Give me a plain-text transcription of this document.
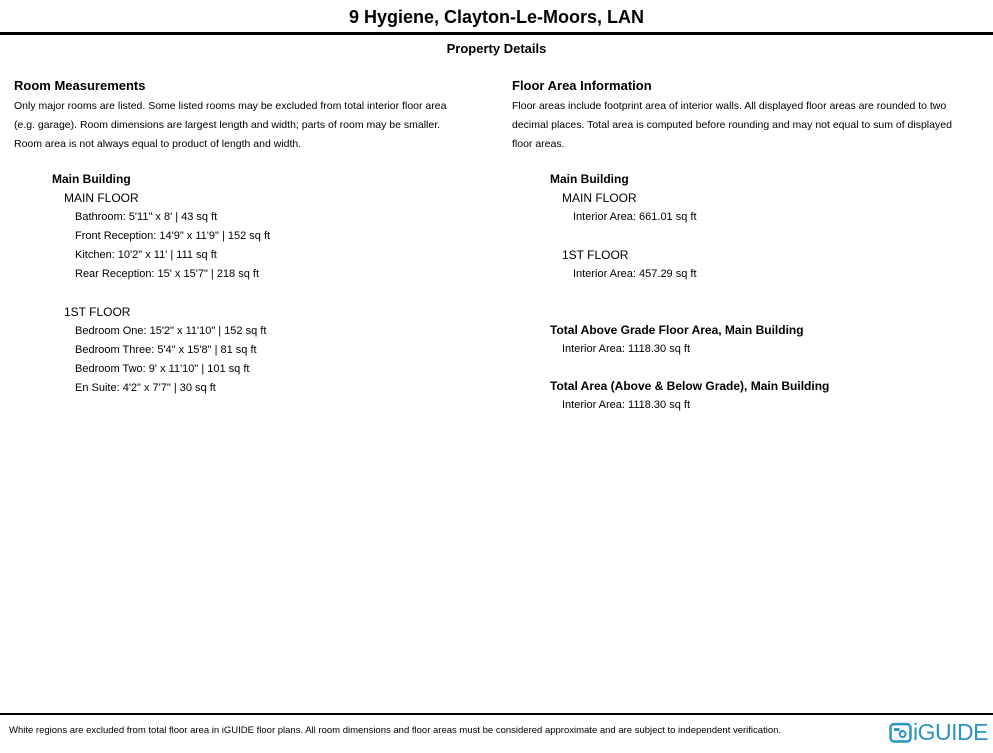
9 Hygiene, Clayton-Le-Moors, LAN
Property Details
Room Measurements
Only major rooms are listed. Some listed rooms may be excluded from total interior floor area
(e.g. garage). Room dimensions are largest length and width; parts of room may be smaller.
Room area is not always equal to product of length and width.
Main Building
MAIN FLOOR
Bathroom: 5'11" x 8' | 43 sq ft
Front Reception: 14'9" x 11'9" | 152 sq ft
Kitchen: 10'2" x 11' | 111 sq ft
Rear Reception: 15' x 15'7" | 218 sq ft
1ST FLOOR
Bedroom One: 15'2" x 11'10" | 152 sq ft
Bedroom Three: 5'4" x 15'8" | 81 sq ft
Bedroom Two: 9' x 11'10" | 101 sq ft
En Suite: 4'2" x 7'7" | 30 sq ft
Floor Area Information
Floor areas include footprint area of interior walls. All displayed floor areas are rounded to two
decimal places. Total area is computed before rounding and may not equal to sum of displayed
floor areas.
Main Building
MAIN FLOOR
Interior Area: 661.01 sq ft
1ST FLOOR
Interior Area: 457.29 sq ft
Total Above Grade Floor Area, Main Building
Interior Area: 1118.30 sq ft
Total Area (Above & Below Grade), Main Building
Interior Area: 1118.30 sq ft
White regions are excluded from total floor area in iGUIDE floor plans. All room dimensions and floor areas must be considered approximate and are subject to independent verification.	iGUIDE
